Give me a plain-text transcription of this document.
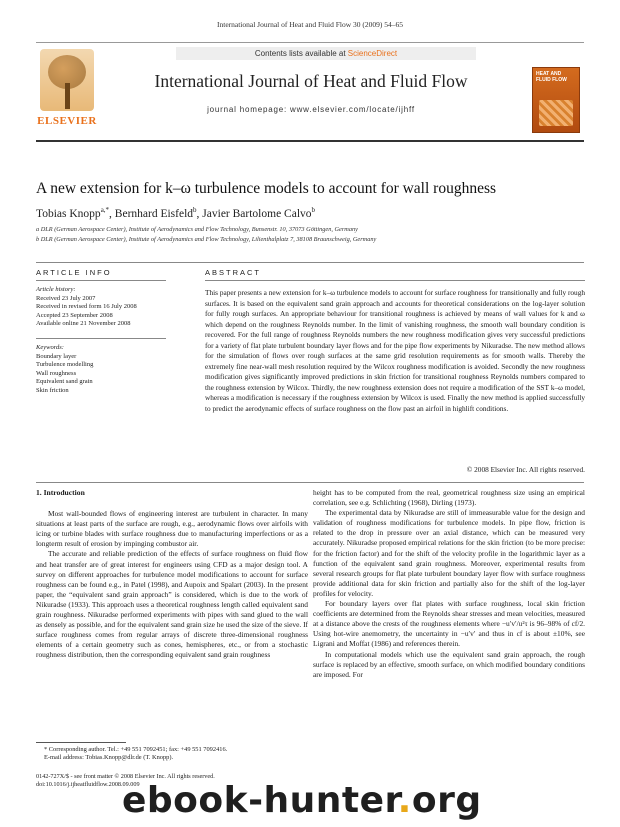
International Journal of Heat and Fluid Flow 30 (2009) 54–65
ELSEVIER
Contents lists available at ScienceDirect
International Journal of Heat and Fluid Flow
journal homepage: www.elsevier.com/locate/ijhff
HEAT AND FLUID FLOW
A new extension for k–ω turbulence models to account for wall roughness
Tobias Knopp$^{a,*}$, Bernhard Eisfeld$^b$, Javier Bartolome Calvo$^b$
a DLR (German Aerospace Center), Institute of Aerodynamics and Flow Technology, Bunsenstr. 10, 37073 Göttingen, Germany
b DLR (German Aerospace Center), Institute of Aerodynamics and Flow Technology, Lilienthalplatz 7, 38108 Braunschweig, Germany
ARTICLE INFO	ABSTRACT
Article history:
Received 23 July 2007
Received in revised form 16 July 2008
Accepted 23 September 2008
Available online 21 November 2008
Keywords:
Boundary layer
Turbulence modelling
Wall roughness
Equivalent sand grain
Skin friction
This paper presents a new extension for k–ω turbulence models to account for surface roughness for transitionally and fully rough surfaces. It is based on the equivalent sand grain approach and accounts for theoretical considerations on the log-layer solution for fully rough surfaces. An appropriate behaviour for transitional roughness is achieved by means of wall values for k and ω which depend on the roughness Reynolds number. In the limit of vanishing roughness, the smooth wall boundary condition is recovered. For the full range of roughness Reynolds numbers the new roughness modification gives very successful predictions for a variety of flat plate turbulent boundary layer flows and for the pipe flow experiments by Nikuradse. The new method allows for the simulation of flows over rough surfaces at the same grid resolution requirements as for smooth walls. Thereby the extremely fine near-wall mesh resolution required by the Wilcox roughness modification is avoided. Secondly the new roughness modification gives significantly improved predictions in skin friction for transitional roughness Reynolds numbers compared to the roughness extension by Wilcox. Thirdly, the new roughness extension does not require a modification of the SST k–ω model, whereas a modification is necessary if the roughness extension by Wilcox is used. Finally the new method is applied successfully to predict the aerodynamic effects of surface roughness on the flow past an airfoil in highlift conditions.
© 2008 Elsevier Inc. All rights reserved.
1. Introduction

Most wall-bounded flows of engineering interest are turbulent in character. In many situations at least parts of the surface are rough, e.g., aerodynamic flows over airfoils with icing or turbine blades with surface roughness due to manufacturing imperfections or as a longterm result of erosion by impinging combustor air.

The accurate and reliable prediction of the effects of surface roughness on fluid flow and heat transfer are of great interest for engineers using CFD as a major design tool. A survey on different approaches for turbulence model modifications to account for surface roughness can be found e.g., in Patel (1998), and Aupoix and Spalart (2003). In the present paper, the “equivalent sand grain approach” is considered, which is due to the work of Nikuradse (1933). This approach uses a theoretical roughness length called equivalent sand grain roughness. Nikuradse performed experiments with pipes with sand glued to the wall as densely as possible, and for the equivalent sand grain size he used the size of the sieve. If surface roughness comes from regular arrays of discrete three-dimensional roughness elements of a certain geometry such as cones, hemispheres, etc., or from a stochastic roughness distribution, then the corresponding equivalent sand grain roughness

height has to be computed from the real, geometrical roughness size using an empirical correlation, see e.g. Schlichting (1968), Dirling (1973).

The experimental data by Nikuradse are still of immeasurable value for the design and validation of roughness modifications for turbulence models. In pipe flow, friction is related to the drop in pressure over an axial distance, which can be measured very accurately. Nikuradse proposed empirical relations for the skin friction (to be more precise: for the friction factor) and for the shift of the velocity profile in the logarithmic layer as a function of the equivalent sand grain roughness. Moreover, experimental results from several research groups for flat plate turbulent boundary layer flow with surface roughness provide additional data for skin friction and partially also for the shift of the log-layer profiles for velocity.

For boundary layers over flat plates with surface roughness, local skin friction coefficients are determined from the Reynolds shear stresses and mean velocities, measured at a distance above the crests of the roughness elements where −u′v′/u²τ is 96–98% of cf/2. Using hot-wire anemometry, the uncertainty in −u′v′ and thus in cf is about ±10%, see Ligrani and Moffat (1986) and references therein.

In computational models which use the equivalent sand grain approach, the rough surface is replaced by an effective, smooth surface, on which modified boundary conditions are imposed. For

* Corresponding author. Tel.: +49 551 7092451; fax: +49 551 7092416.
E-mail address: Tobias.Knopp@dlr.de (T. Knopp).
0142-727X/$ - see front matter © 2008 Elsevier Inc. All rights reserved.
doi:10.1016/j.ijheatfluidflow.2008.09.009
ebook-hunter.org
